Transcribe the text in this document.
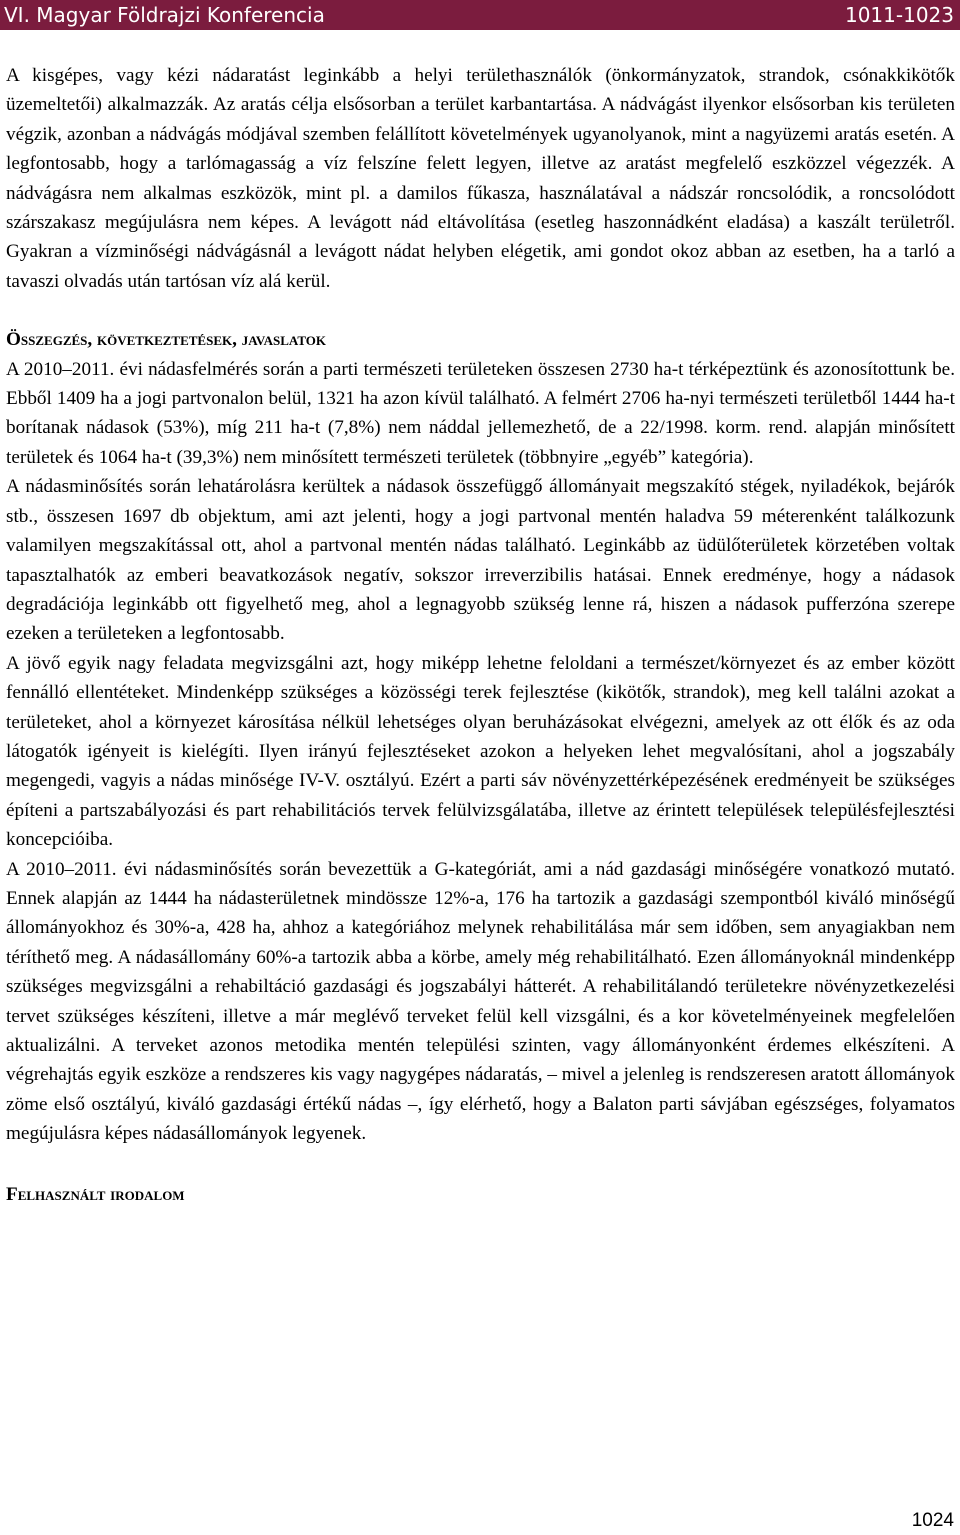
VI. Magyar Földrajzi Konferencia	1011-1023

A kisgépes, vagy kézi nádaratást leginkább a helyi területhasználók (önkormányzatok, strandok, csónakkikötők üzemeltetői) alkalmazzák. Az aratás célja elsősorban a terület karbantartása. A nádvágást ilyenkor elsősorban kis területen végzik, azonban a nádvágás módjával szemben felállított követelmények ugyanolyanok, mint a nagyüzemi aratás esetén. A legfontosabb, hogy a tarlómagasság a víz felszíne felett legyen, illetve az aratást megfelelő eszközzel végezzék. A nádvágásra nem alkalmas eszközök, mint pl. a damilos fűkasza, használatával a nádszár roncsolódik, a roncsolódott szárszakasz megújulásra nem képes. A levágott nád eltávolítása (esetleg haszonnádként eladása) a kaszált területről. Gyakran a vízminőségi nádvágásnál a levágott nádat helyben elégetik, ami gondot okoz abban az esetben, ha a tarló a tavaszi olvadás után tartósan víz alá kerül.

Összegzés, következtetések, javaslatok

A 2010–2011. évi nádasfelmérés során a parti természeti területeken összesen 2730 ha-t térképeztünk és azonosítottunk be. Ebből 1409 ha a jogi partvonalon belül, 1321 ha azon kívül található. A felmért 2706 ha-nyi természeti területből 1444 ha-t borítanak nádasok (53%), míg 211 ha-t (7,8%) nem náddal jellemezhető, de a 22/1998. korm. rend. alapján minősített területek és 1064 ha-t (39,3%) nem minősített természeti területek (többnyire „egyéb” kategória).

A nádasminősítés során lehatárolásra kerültek a nádasok összefüggő állományait megszakító stégek, nyiladékok, bejárók stb., összesen 1697 db objektum, ami azt jelenti, hogy a jogi partvonal mentén haladva 59 méterenként találkozunk valamilyen megszakítással ott, ahol a partvonal mentén nádas található. Leginkább az üdülőterületek körzetében voltak tapasztalhatók az emberi beavatkozások negatív, sokszor irreverzibilis hatásai. Ennek eredménye, hogy a nádasok degradációja leginkább ott figyelhető meg, ahol a legnagyobb szükség lenne rá, hiszen a nádasok pufferzóna szerepe ezeken a területeken a legfontosabb.

A jövő egyik nagy feladata megvizsgálni azt, hogy miképp lehetne feloldani a természet/környezet és az ember között fennálló ellentéteket. Mindenképp szükséges a közösségi terek fejlesztése (kikötők, strandok), meg kell találni azokat a területeket, ahol a környezet károsítása nélkül lehetséges olyan beruházásokat elvégezni, amelyek az ott élők és az oda látogatók igényeit is kielégíti. Ilyen irányú fejlesztéseket azokon a helyeken lehet megvalósítani, ahol a jogszabály megengedi, vagyis a nádas minősége IV-V. osztályú. Ezért a parti sáv növényzettérképezésének eredményeit be szükséges építeni a partszabályozási és part rehabilitációs tervek felülvizsgálatába, illetve az érintett települések településfejlesztési koncepcióiba.

A 2010–2011. évi nádasminősítés során bevezettük a G-kategóriát, ami a nád gazdasági minőségére vonatkozó mutató. Ennek alapján az 1444 ha nádasterületnek mindössze 12%-a, 176 ha tartozik a gazdasági szempontból kiváló minőségű állományokhoz és 30%-a, 428 ha, ahhoz a kategóriához melynek rehabilitálása már sem időben, sem anyagiakban nem téríthető meg. A nádasállomány 60%-a tartozik abba a körbe, amely még rehabilitálható. Ezen állományoknál mindenképp szükséges megvizsgálni a rehabiltáció gazdasági és jogszabályi hátterét. A rehabilitálandó területekre növényzetkezelési tervet szükséges készíteni, illetve a már meglévő terveket felül kell vizsgálni, és a kor követelményeinek megfelelően aktualizálni. A terveket azonos metodika mentén települési szinten, vagy állományonként érdemes elkészíteni. A végrehajtás egyik eszköze a rendszeres kis vagy nagygépes nádaratás, – mivel a jelenleg is rendszeresen aratott állományok zöme első osztályú, kiváló gazdasági értékű nádas –, így elérhető, hogy a Balaton parti sávjában egészséges, folyamatos megújulásra képes nádasállományok legyenek.

Felhasznált irodalom
1024
